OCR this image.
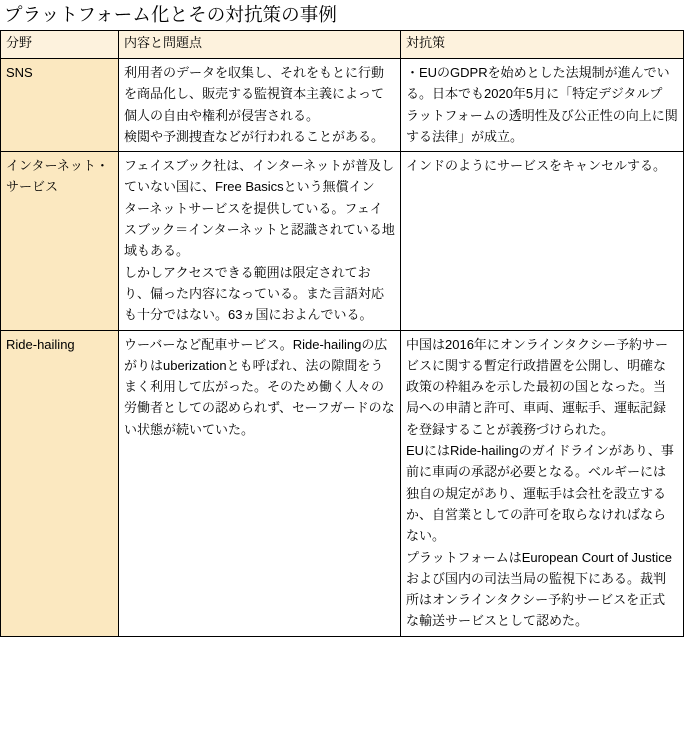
プラットフォーム化とその対抗策の事例
分野	内容と問題点	対抗策
SNS	利用者のデータを収集し、それをもとに行動を商品化し、販売する監視資本主義によって個人の自由や権利が侵害される。
検閲や予測捜査などが行われることがある。	・EUのGDPRを始めとした法規制が進んでいる。日本でも2020年5月に「特定デジタルプラットフォームの透明性及び公正性の向上に関する法律」が成立。

インターネット・サービス	フェイスブック社は、インターネットが普及していない国に、Free Basicsという無償インターネットサービスを提供している。フェイスブック＝インターネットと認識されている地域もある。
しかしアクセスできる範囲は限定されており、偏った内容になっている。また言語対応も十分ではない。63ヵ国におよんでいる。	インドのようにサービスをキャンセルする。

Ride-hailing	ウーバーなど配車サービス。Ride-hailingの広がりはuberizationとも呼ばれ、法の隙間をうまく利用して広がった。そのため働く人々の労働者としての認められず、セーフガードのない状態が続いていた。	中国は2016年にオンラインタクシー予約サービスに関する暫定行政措置を公開し、明確な政策の枠組みを示した最初の国となった。当局への申請と許可、車両、運転手、運転記録を登録することが義務づけられた。
EUにはRide-hailingのガイドラインがあり、事前に車両の承認が必要となる。ベルギーには独自の規定があり、運転手は会社を設立するか、自営業としての許可を取らなければならない。
プラットフォームはEuropean Court of Justiceおよび国内の司法当局の監視下にある。裁判所はオンラインタクシー予約サービスを正式な輸送サービスとして認めた。
